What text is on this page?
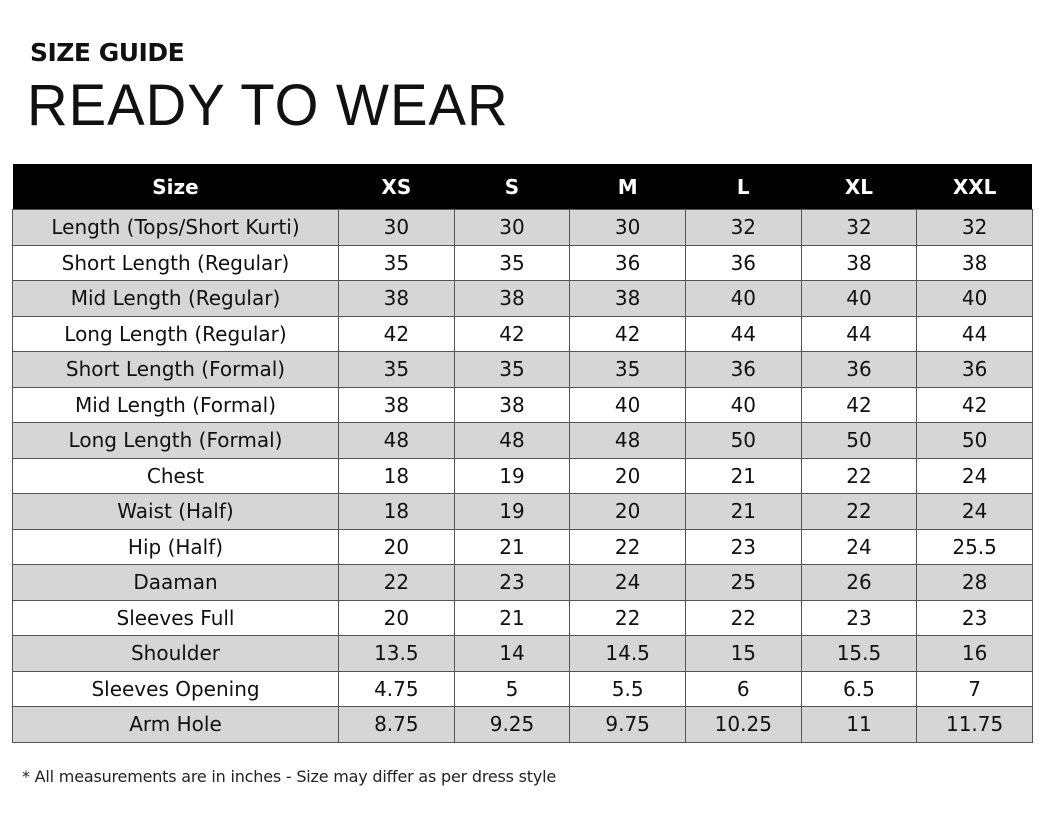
SIZE GUIDE
READY TO WEAR
Size	XS	S	M	L	XL	XXL
Length (Tops/Short Kurti)	30	30	30	32	32	32
Short Length (Regular)	35	35	36	36	38	38
Mid Length (Regular)	38	38	38	40	40	40
Long Length (Regular)	42	42	42	44	44	44
Short Length (Formal)	35	35	35	36	36	36
Mid Length (Formal)	38	38	40	40	42	42
Long Length (Formal)	48	48	48	50	50	50
Chest	18	19	20	21	22	24
Waist (Half)	18	19	20	21	22	24
Hip (Half)	20	21	22	23	24	25.5
Daaman	22	23	24	25	26	28
Sleeves Full	20	21	22	22	23	23
Shoulder	13.5	14	14.5	15	15.5	16
Sleeves Opening	4.75	5	5.5	6	6.5	7
Arm Hole	8.75	9.25	9.75	10.25	11	11.75
* All measurements are in inches - Size may differ as per dress style
